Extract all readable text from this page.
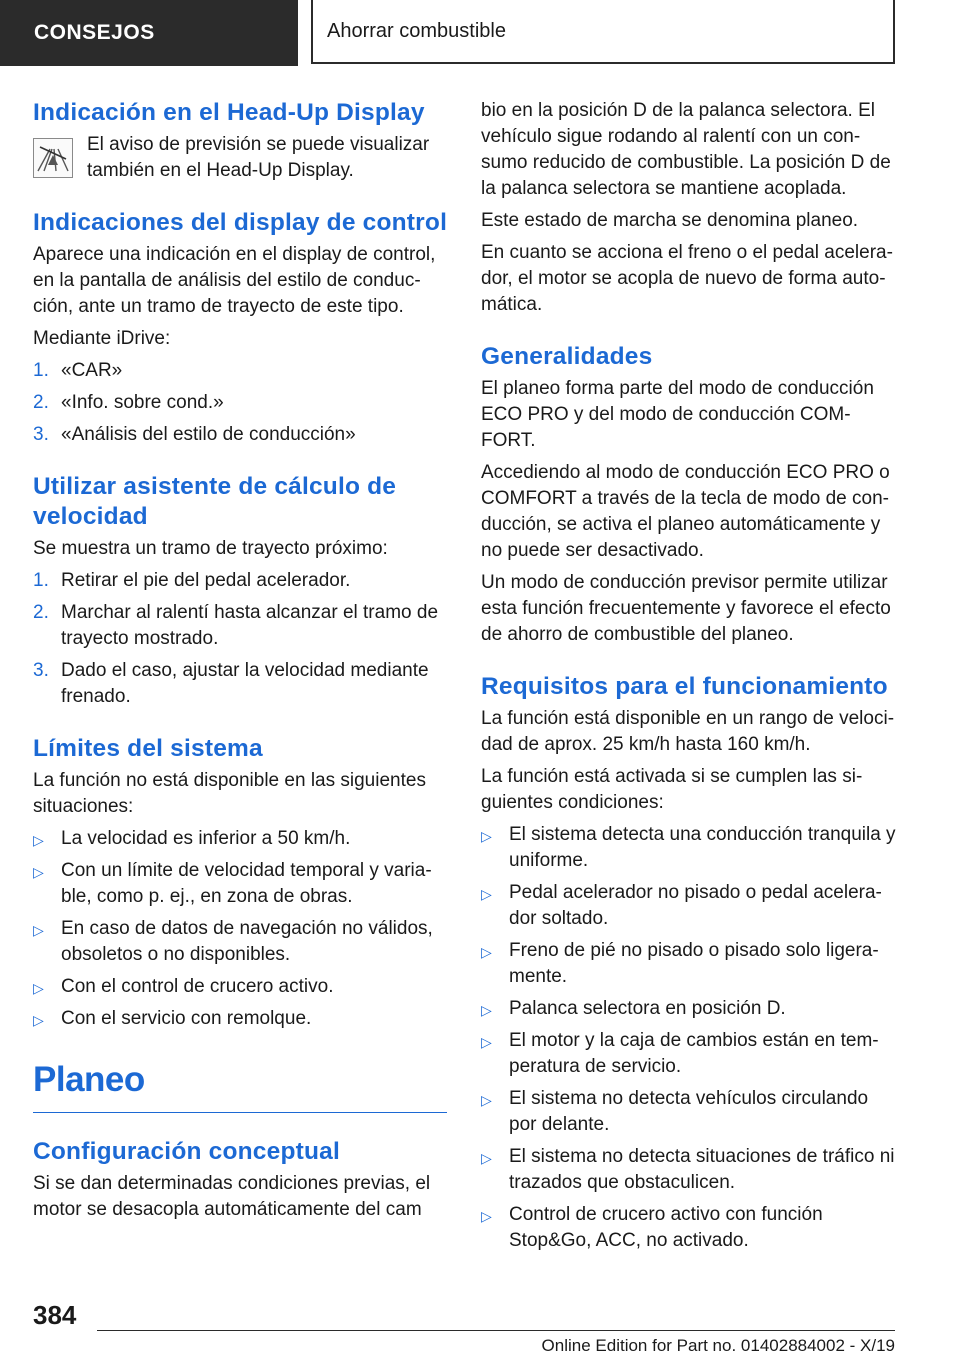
CONSEJOS	Ahorrar combustible
Indicación en el Head-Up Display

El aviso de previsión se puede visualizar también en el Head-Up Display.

Indicaciones del display de control

Aparece una indicación en el display de control, en la pantalla de análisis del estilo de conducción, ante un tramo de trayecto de este tipo.

Mediante iDrive:

1. «CAR»
2. «Info. sobre cond.»
3. «Análisis del estilo de conducción»
Utilizar asistente de cálculo de velocidad

Se muestra un tramo de trayecto próximo:

1. Retirar el pie del pedal acelerador.
2. Marchar al ralentí hasta alcanzar el tramo de trayecto mostrado.
3. Dado el caso, ajustar la velocidad mediante frenado.
Límites del sistema

La función no está disponible en las siguientes situaciones:

▷ La velocidad es inferior a 50 km/h.
▷ Con un límite de velocidad temporal y variable, como p. ej., en zona de obras.
▷ En caso de datos de navegación no válidos, obsoletos o no disponibles.
▷ Con el control de crucero activo.
▷ Con el servicio con remolque.
Planeo
Configuración conceptual

Si se dan determinadas condiciones previas, el motor se desacopla automáticamente del cam

bio en la posición D de la palanca selectora. El vehículo sigue rodando al ralentí con un consumo reducido de combustible. La posición D de la palanca selectora se mantiene acoplada.

Este estado de marcha se denomina planeo.

En cuanto se acciona el freno o el pedal acelerador, el motor se acopla de nuevo de forma automática.

Generalidades

El planeo forma parte del modo de conducción ECO PRO y del modo de conducción COMFORT.

Accediendo al modo de conducción ECO PRO o COMFORT a través de la tecla de modo de conducción, se activa el planeo automáticamente y no puede ser desactivado.

Un modo de conducción previsor permite utilizar esta función frecuentemente y favorece el efecto de ahorro de combustible del planeo.

Requisitos para el funcionamiento

La función está disponible en un rango de velocidad de aprox. 25 km/h hasta 160 km/h.

La función está activada si se cumplen las siguientes condiciones:

▷ El sistema detecta una conducción tranquila y uniforme.
▷ Pedal acelerador no pisado o pedal acelerador soltado.
▷ Freno de pié no pisado o pisado solo ligeramente.
▷ Palanca selectora en posición D.
▷ El motor y la caja de cambios están en temperatura de servicio.
▷ El sistema no detecta vehículos circulando por delante.
▷ El sistema no detecta situaciones de tráfico ni trazados que obstaculicen.
▷ Control de crucero activo con función Stop&Go, ACC, no activado.
384
Online Edition for Part no. 01402884002 - X/19
